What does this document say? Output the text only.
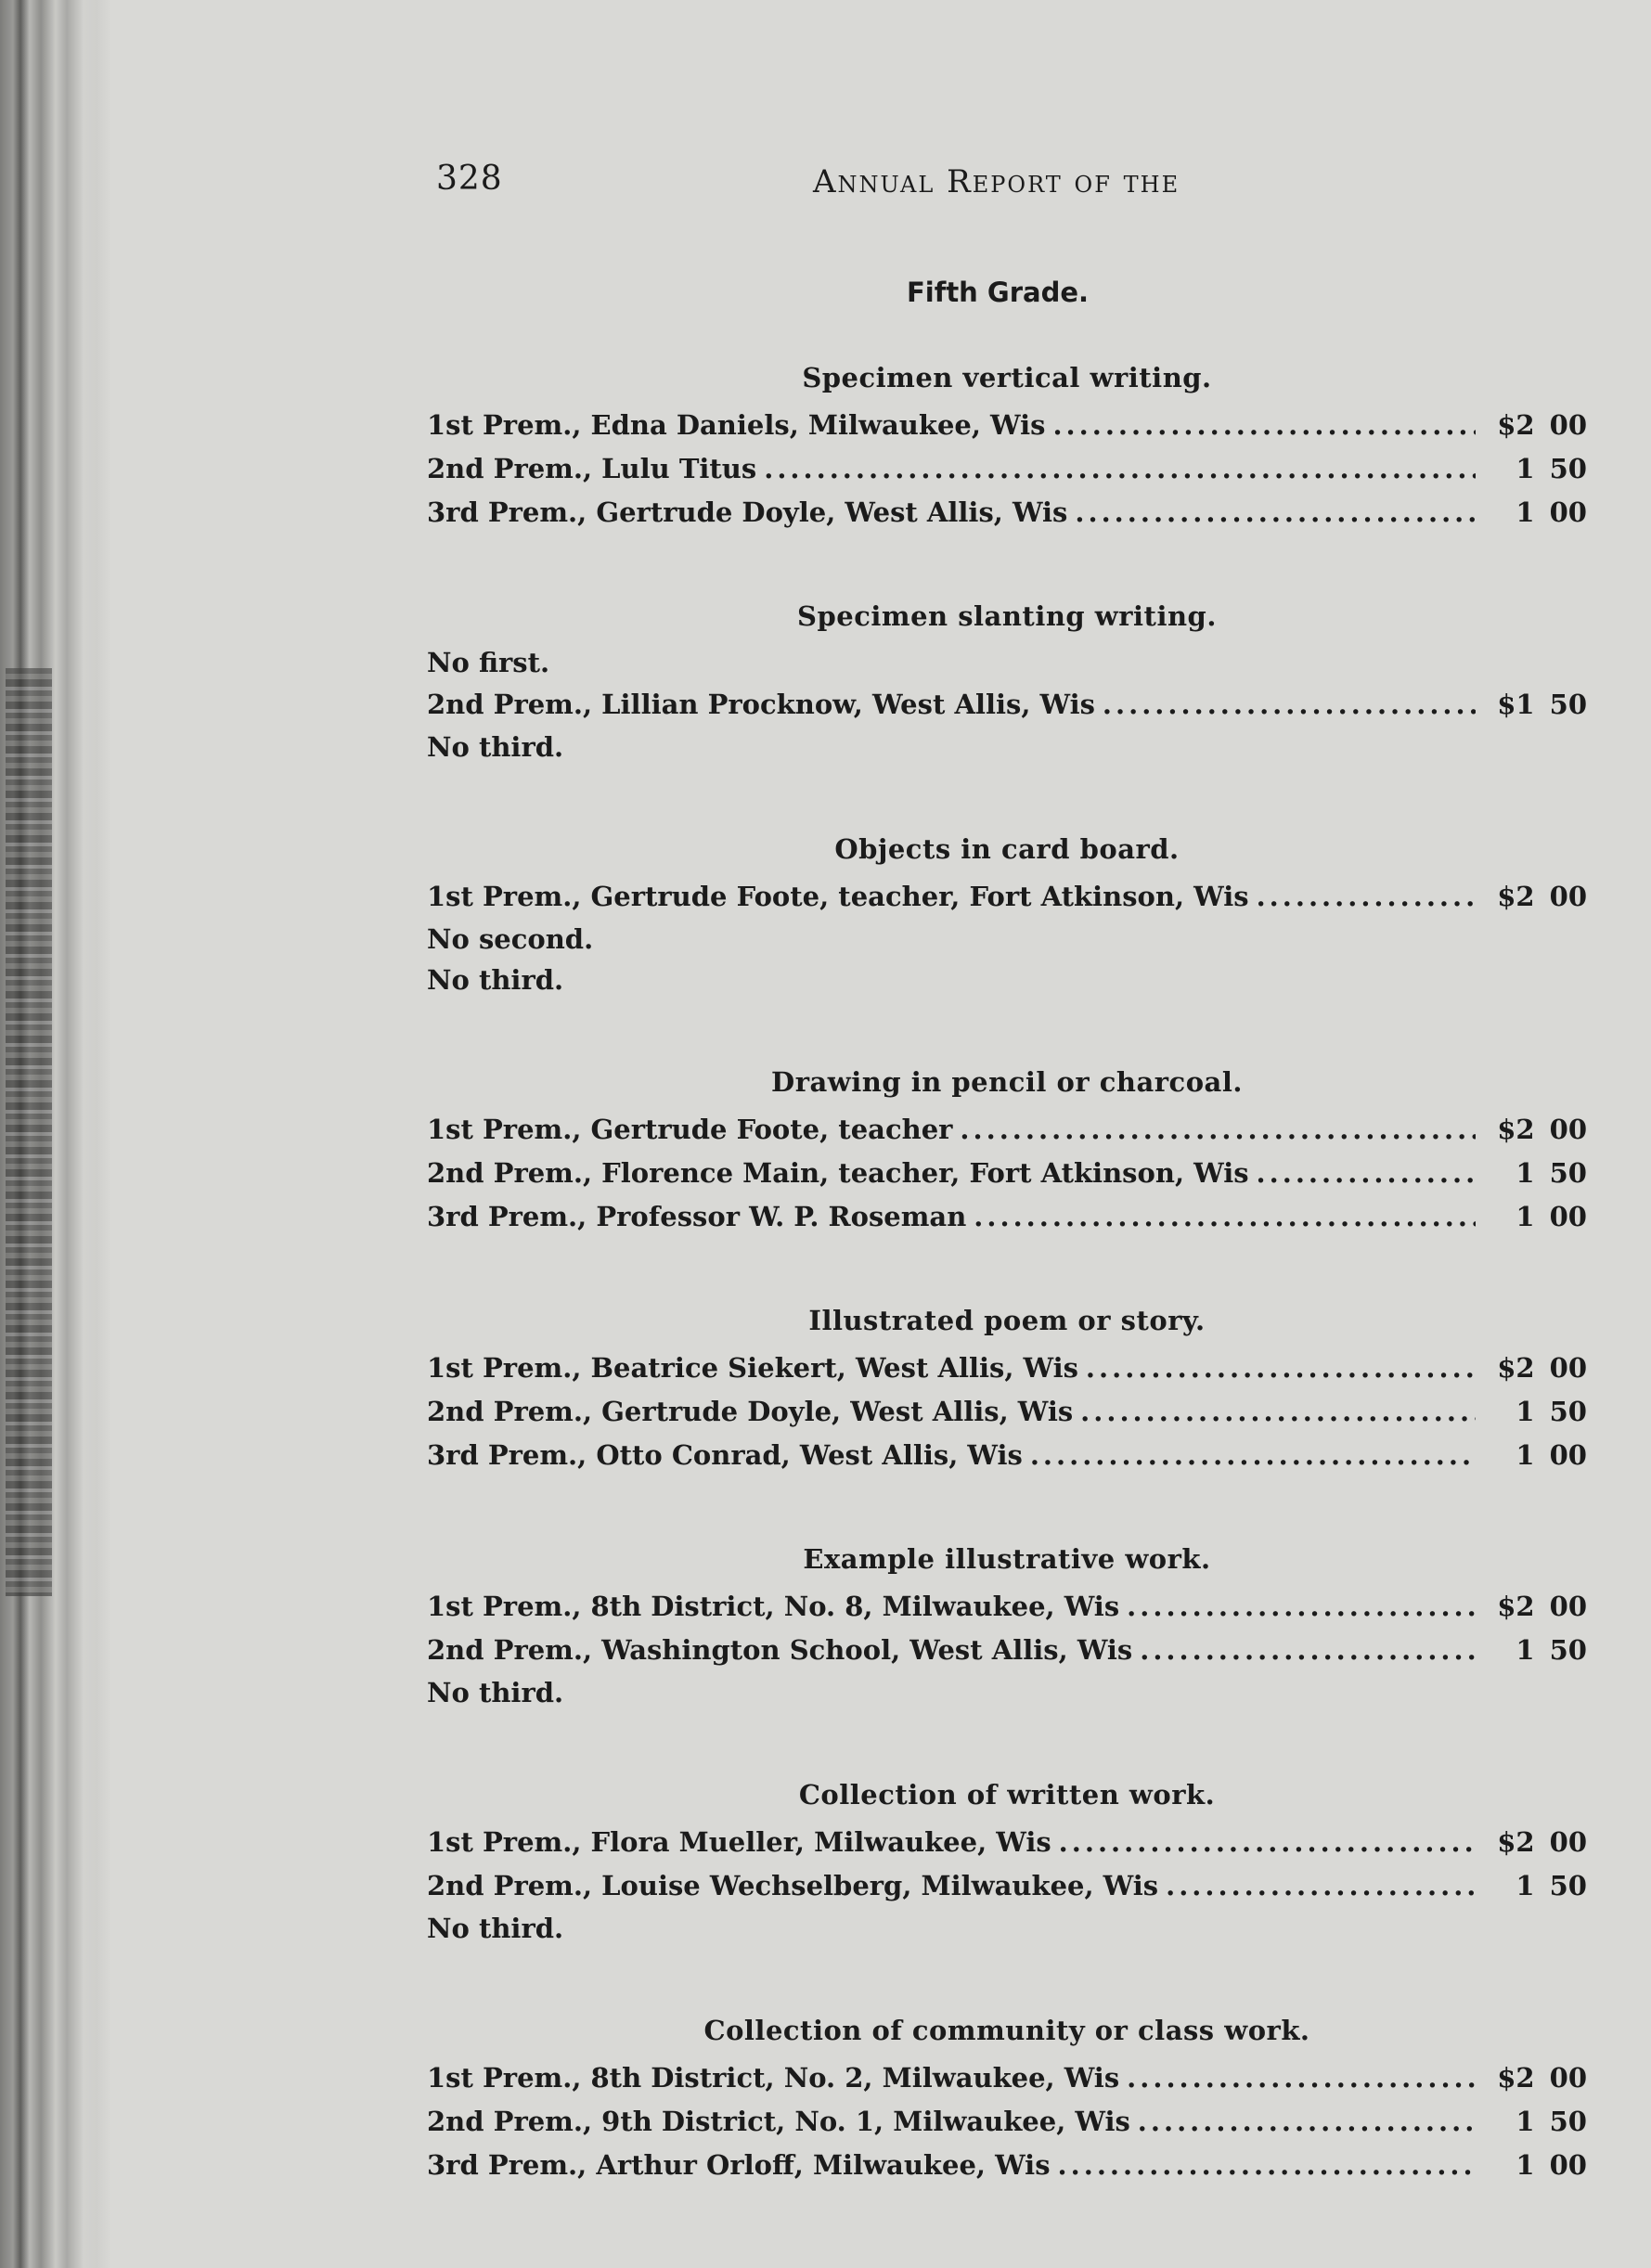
328	Annual Report of the
Fifth Grade.
Specimen vertical writing.
1st Prem., Edna Daniels, Milwaukee, Wis .....	$2 00
2nd Prem., Lulu Titus .....	1 50
3rd Prem., Gertrude Doyle, West Allis, Wis .....	1 00
Specimen slanting writing.
No first.
2nd Prem., Lillian Procknow, West Allis, Wis .....	$1 50
No third.
Objects in card board.
1st Prem., Gertrude Foote, teacher, Fort Atkinson, Wis .....	$2 00
No second.
No third.
Drawing in pencil or charcoal.
1st Prem., Gertrude Foote, teacher .....	$2 00
2nd Prem., Florence Main, teacher, Fort Atkinson, Wis .....	1 50
3rd Prem., Professor W. P. Roseman .....	1 00
Illustrated poem or story.
1st Prem., Beatrice Siekert, West Allis, Wis .....	$2 00
2nd Prem., Gertrude Doyle, West Allis, Wis .....	1 50
3rd Prem., Otto Conrad, West Allis, Wis .....	1 00
Example illustrative work.
1st Prem., 8th District, No. 8, Milwaukee, Wis .....	$2 00
2nd Prem., Washington School, West Allis, Wis .....	1 50
No third.
Collection of written work.
1st Prem., Flora Mueller, Milwaukee, Wis .....	$2 00
2nd Prem., Louise Wechselberg, Milwaukee, Wis .....	1 50
No third.
Collection of community or class work.
1st Prem., 8th District, No. 2, Milwaukee, Wis .....	$2 00
2nd Prem., 9th District, No. 1, Milwaukee, Wis .....	1 50
3rd Prem., Arthur Orloff, Milwaukee, Wis .....	1 00
